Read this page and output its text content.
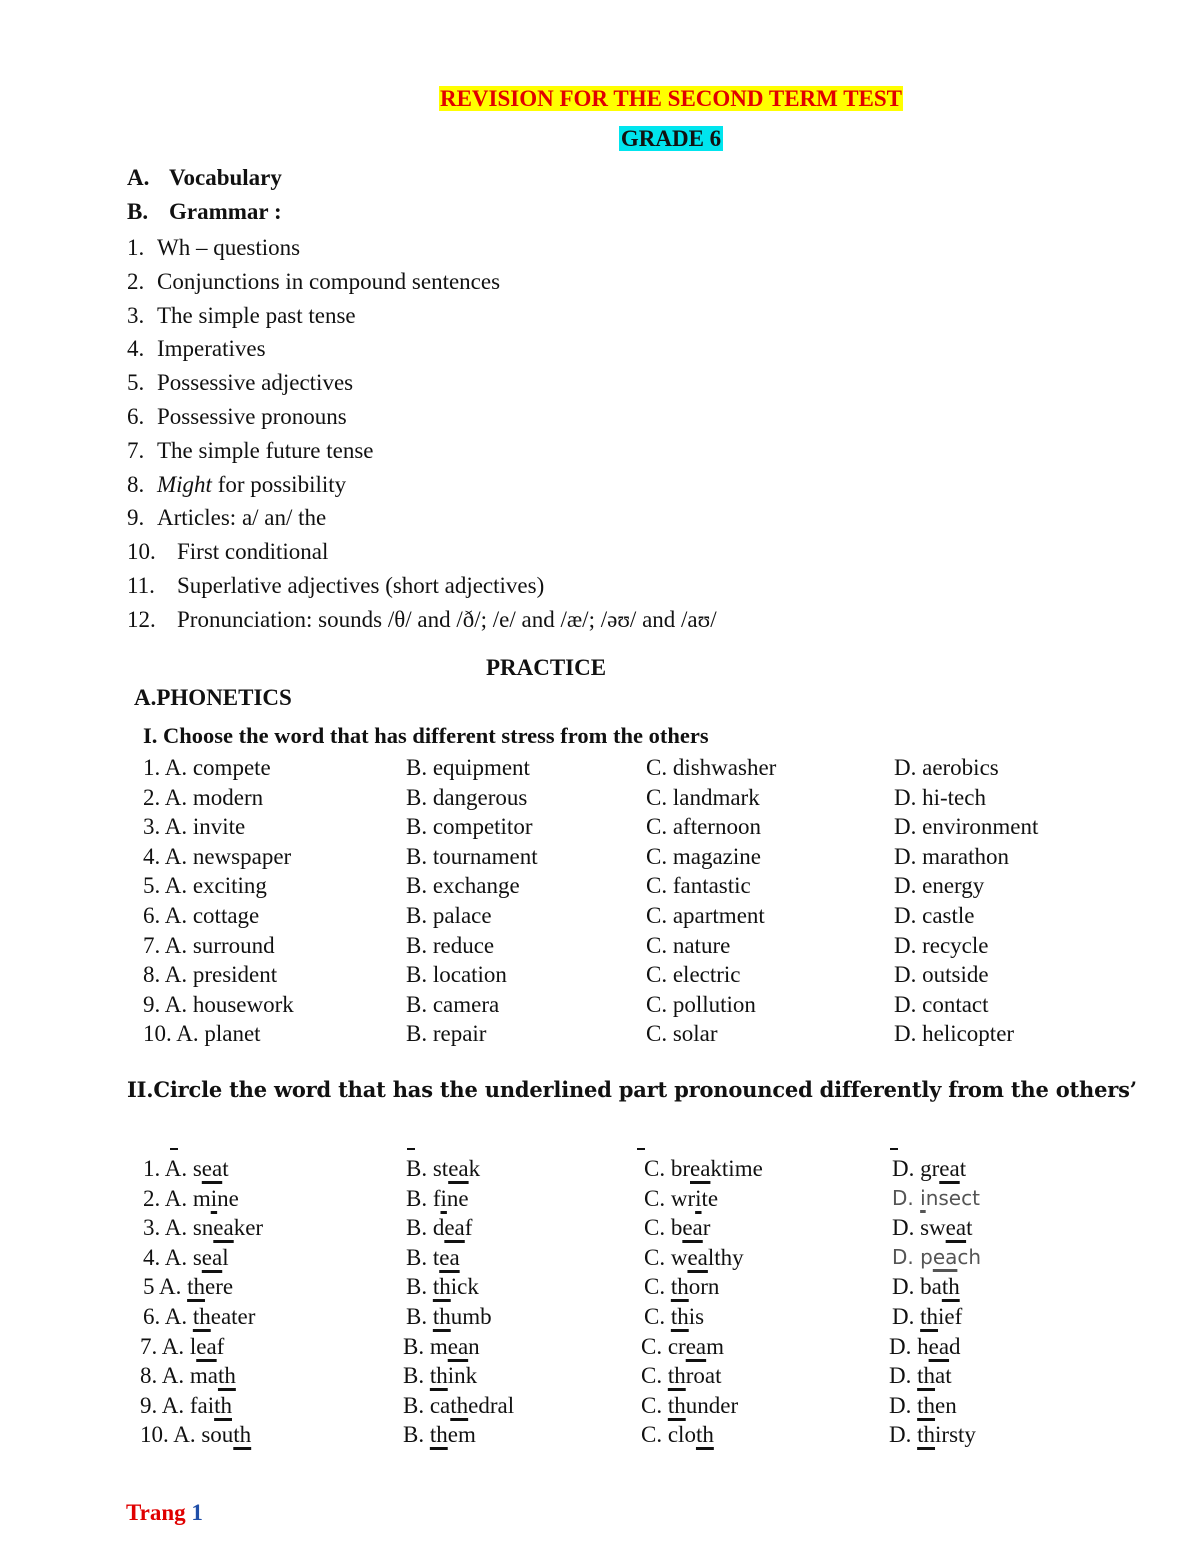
REVISION FOR THE SECOND TERM TEST
GRADE 6
A. Vocabulary
B. Grammar :
1. Wh – questions
2. Conjunctions in compound sentences
3. The simple past tense
4. Imperatives
5. Possessive adjectives
6. Possessive pronouns
7. The simple future tense
8. Might for possibility
9. Articles: a/ an/ the
10. First conditional
11. Superlative adjectives (short adjectives)
12. Pronunciation: sounds /θ/ and /ð/; /e/ and /æ/; /əʊ/ and /aʊ/
PRACTICE
A.PHONETICS
I. Choose the word that has different stress from the others
1. A. compete	B. equipment	C. dishwasher	D. aerobics
2. A. modern	B. dangerous	C. landmark	D. hi-tech
3. A. invite	B. competitor	C. afternoon	D. environment
4. A. newspaper	B. tournament	C. magazine	D. marathon
5. A. exciting	B. exchange	C. fantastic	D. energy
6. A. cottage	B. palace	C. apartment	D. castle
7. A. surround	B. reduce	C. nature	D. recycle
8. A. president	B. location	C. electric	D. outside
9. A. housework	B. camera	C. pollution	D. contact
10. A. planet	B. repair	C. solar	D. helicopter
II.Circle the word that has the underlined part pronounced differently from the others’
1. A. seat	B. steak	C. breaktime	D. great
2. A. mine	B. fine	C. write	D. insect
3. A. sneaker	B. deaf	C. bear	D. sweat
4. A. seal	B. tea	C. wealthy	D. peach
5 A. there	B. thick	C. thorn	D. bath
6. A. theater	B. thumb	C. this	D. thief
7. A. leaf	B. mean	C. cream	D. head
8. A. math	B. think	C. throat	D. that
9. A. faith	B. cathedral	C. thunder	D. then
10. A. south	B. them	C. cloth	D. thirsty
Trang 1
